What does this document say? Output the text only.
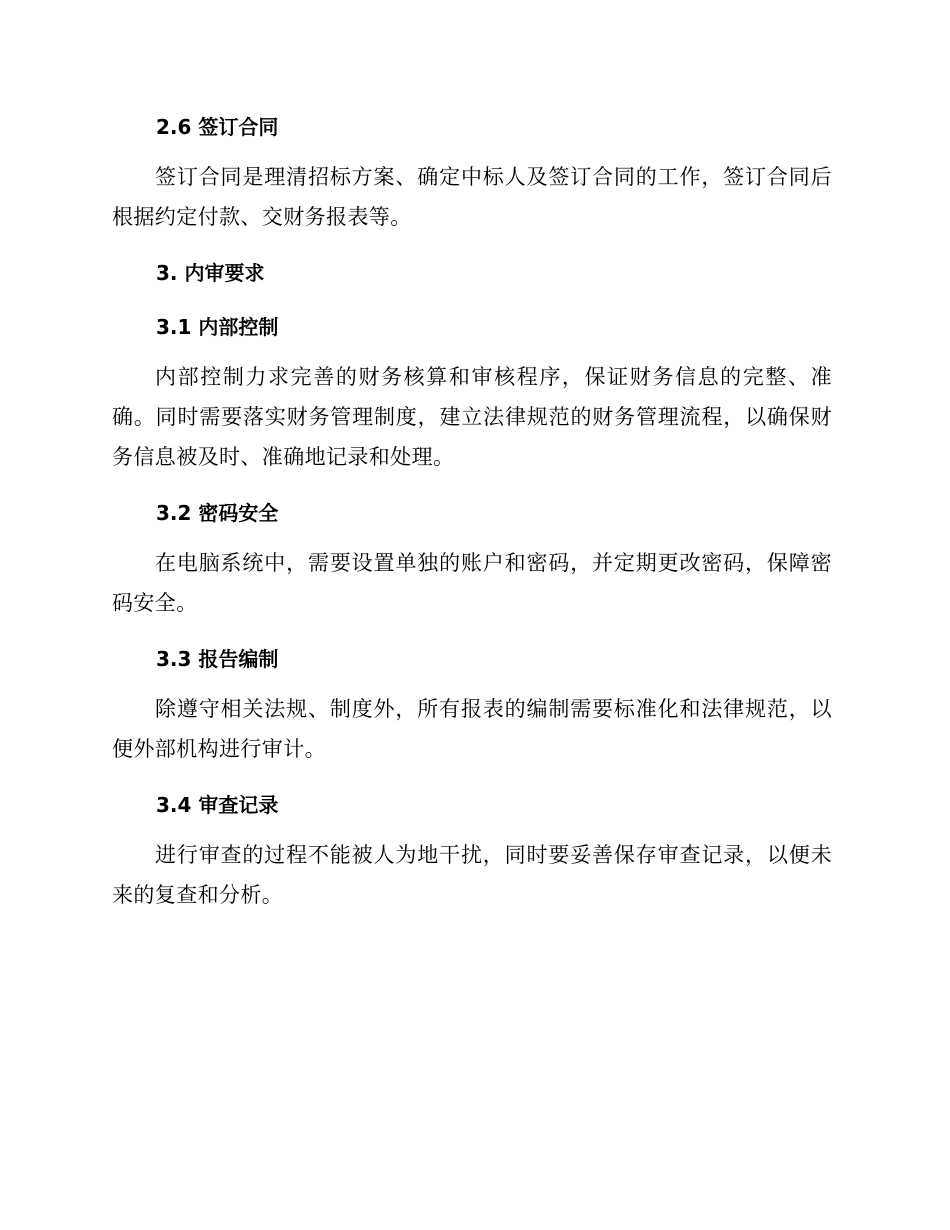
2.6 签订合同

签订合同是理清招标方案、确定中标人及签订合同的工作，签订合同后根据约定付款、交财务报表等。

3. 内审要求
3.1 内部控制

内部控制力求完善的财务核算和审核程序，保证财务信息的完整、准确。同时需要落实财务管理制度，建立法律规范的财务管理流程，以确保财务信息被及时、准确地记录和处理。

3.2 密码安全

在电脑系统中，需要设置单独的账户和密码，并定期更改密码，保障密码安全。

3.3 报告编制

除遵守相关法规、制度外，所有报表的编制需要标准化和法律规范，以便外部机构进行审计。

3.4 审查记录

进行审查的过程不能被人为地干扰，同时要妥善保存审查记录，以便未来的复查和分析。
